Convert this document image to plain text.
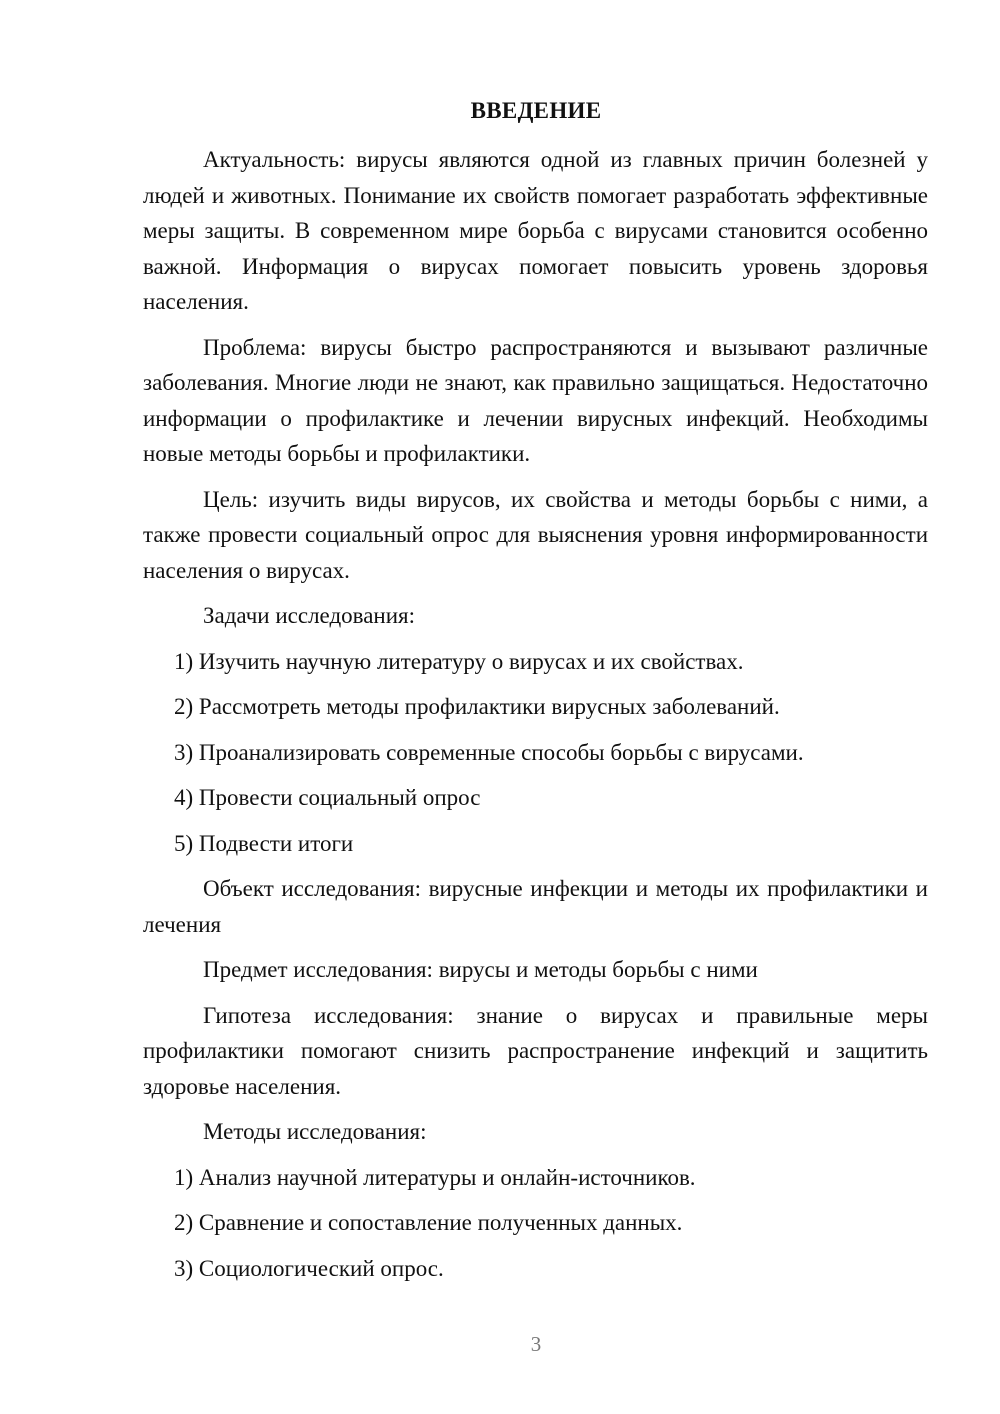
ВВЕДЕНИЕ

Актуальность: вирусы являются одной из главных причин болезней у людей и животных. Понимание их свойств помогает разработать эффективные меры защиты. В современном мире борьба с вирусами становится особенно важной. Информация о вирусах помогает повысить уровень здоровья населения.

Проблема: вирусы быстро распространяются и вызывают различные заболевания. Многие люди не знают, как правильно защищаться. Недостаточно информации о профилактике и лечении вирусных инфекций. Необходимы новые методы борьбы и профилактики.

Цель: изучить виды вирусов, их свойства и методы борьбы с ними, а также провести социальный опрос для выяснения уровня информированности населения о вирусах.

Задачи исследования:

1) Изучить научную литературу о вирусах и их свойствах.

2) Рассмотреть методы профилактики вирусных заболеваний.

3) Проанализировать современные способы борьбы с вирусами.

4) Провести социальный опрос

5) Подвести итоги

Объект исследования: вирусные инфекции и методы их профилактики и лечения

Предмет исследования: вирусы и методы борьбы с ними

Гипотеза исследования: знание о вирусах и правильные меры профилактики помогают снизить распространение инфекций и защитить здоровье населения.

Методы исследования:

1) Анализ научной литературы и онлайн-источников.

2) Сравнение и сопоставление полученных данных.

3) Социологический опрос.

3
